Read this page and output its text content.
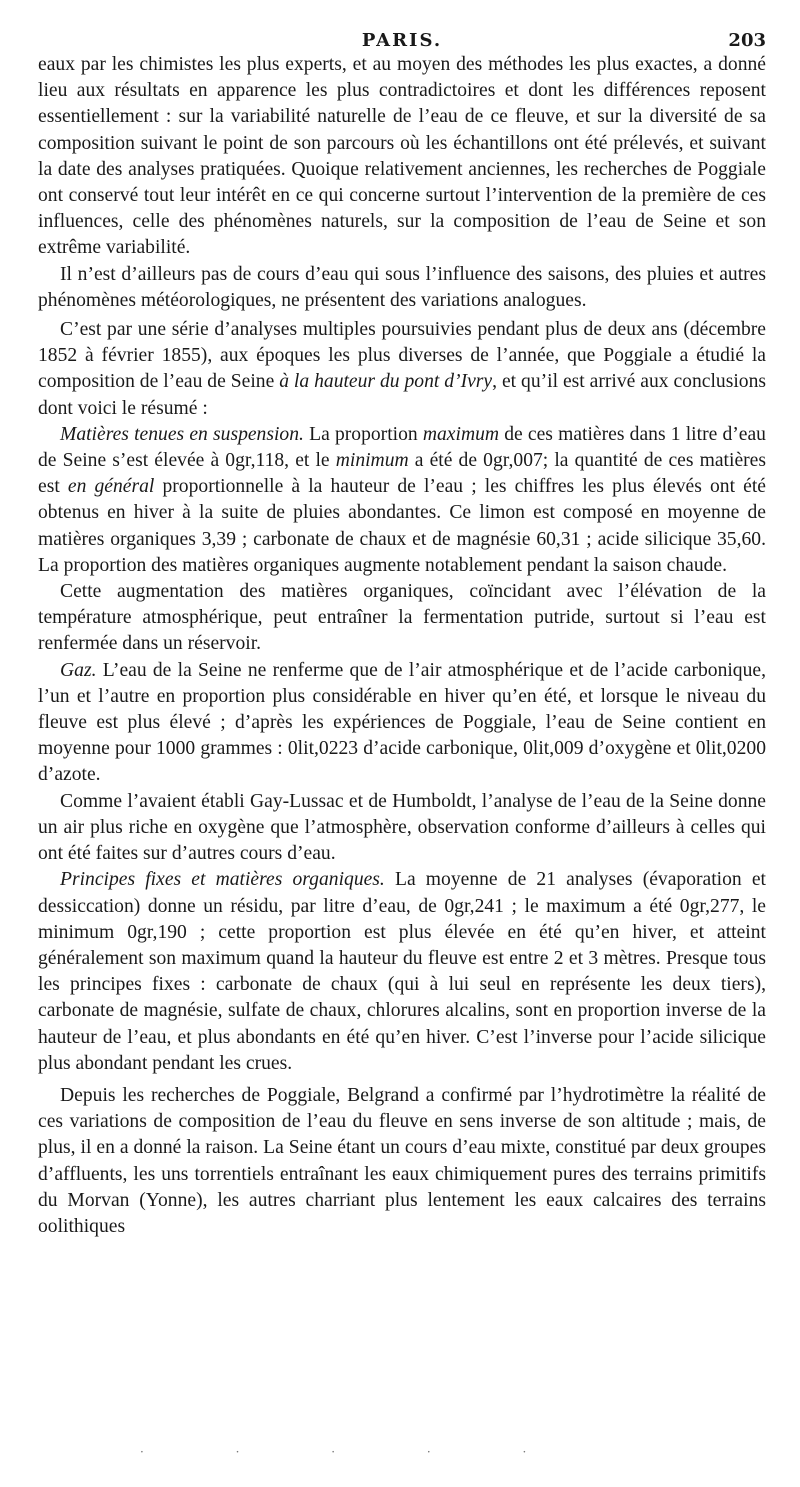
PARIS.	203

eaux par les chimistes les plus experts, et au moyen des méthodes les plus exactes, a donné lieu aux résultats en apparence les plus contradictoires et dont les différences reposent essentiellement : sur la variabilité naturelle de l’eau de ce fleuve, et sur la diversité de sa composition suivant le point de son parcours où les échantillons ont été prélevés, et suivant la date des analyses pratiquées. Quoique relativement anciennes, les recherches de Poggiale ont conservé tout leur intérêt en ce qui concerne surtout l’intervention de la première de ces influences, celle des phénomènes naturels, sur la composition de l’eau de Seine et son extrême variabilité.

Il n’est d’ailleurs pas de cours d’eau qui sous l’influence des saisons, des pluies et autres phénomènes météorologiques, ne présentent des variations analogues.

C’est par une série d’analyses multiples poursuivies pendant plus de deux ans (décembre 1852 à février 1855), aux époques les plus diverses de l’année, que Poggiale a étudié la composition de l’eau de Seine à la hauteur du pont d’Ivry, et qu’il est arrivé aux conclusions dont voici le résumé :

Matières tenues en suspension. La proportion maximum de ces matières dans 1 litre d’eau de Seine s’est élevée à 0gr,118, et le minimum a été de 0gr,007; la quantité de ces matières est en général proportionnelle à la hauteur de l’eau ; les chiffres les plus élevés ont été obtenus en hiver à la suite de pluies abondantes. Ce limon est composé en moyenne de matières organiques 3,39 ; carbonate de chaux et de magnésie 60,31 ; acide silicique 35,60. La proportion des matières organiques augmente notablement pendant la saison chaude.

Cette augmentation des matières organiques, coïncidant avec l’élévation de la température atmosphérique, peut entraîner la fermentation putride, surtout si l’eau est renfermée dans un réservoir.

Gaz. L’eau de la Seine ne renferme que de l’air atmosphérique et de l’acide carbonique, l’un et l’autre en proportion plus considérable en hiver qu’en été, et lorsque le niveau du fleuve est plus élevé ; d’après les expériences de Poggiale, l’eau de Seine contient en moyenne pour 1000 grammes : 0lit,0223 d’acide carbonique, 0lit,009 d’oxygène et 0lit,0200 d’azote.

Comme l’avaient établi Gay-Lussac et de Humboldt, l’analyse de l’eau de la Seine donne un air plus riche en oxygène que l’atmosphère, observation conforme d’ailleurs à celles qui ont été faites sur d’autres cours d’eau.

Principes fixes et matières organiques. La moyenne de 21 analyses (évaporation et dessiccation) donne un résidu, par litre d’eau, de 0gr,241 ; le maximum a été 0gr,277, le minimum 0gr,190 ; cette proportion est plus élevée en été qu’en hiver, et atteint généralement son maximum quand la hauteur du fleuve est entre 2 et 3 mètres. Presque tous les principes fixes : carbonate de chaux (qui à lui seul en représente les deux tiers), carbonate de magnésie, sulfate de chaux, chlorures alcalins, sont en proportion inverse de la hauteur de l’eau, et plus abondants en été qu’en hiver. C’est l’inverse pour l’acide silicique plus abondant pendant les crues.

Depuis les recherches de Poggiale, Belgrand a confirmé par l’hydrotimètre la réalité de ces variations de composition de l’eau du fleuve en sens inverse de son altitude ; mais, de plus, il en a donné la raison. La Seine étant un cours d’eau mixte, constitué par deux groupes d’affluents, les uns torrentiels entraînant les eaux chimiquement pures des terrains primitifs du Morvan (Yonne), les autres charriant plus lentement les eaux calcaires des terrains oolithiques

· · · · ·
